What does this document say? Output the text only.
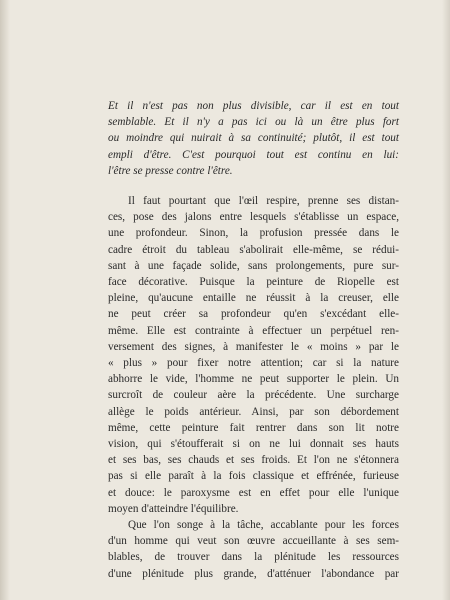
Et il n'est pas non plus divisible, car il est en tout
semblable. Et il n'y a pas ici ou là un être plus fort
ou moindre qui nuirait à sa continuité; plutôt, il est tout
empli d'être. C'est pourquoi tout est continu en lui:
l'être se presse contre l'être.

Il faut pourtant que l'œil respire, prenne ses distan-
ces, pose des jalons entre lesquels s'établisse un espace,
une profondeur. Sinon, la profusion pressée dans le
cadre étroit du tableau s'abolirait elle-même, se rédui-
sant à une façade solide, sans prolongements, pure sur-
face décorative. Puisque la peinture de Riopelle est
pleine, qu'aucune entaille ne réussit à la creuser, elle
ne peut créer sa profondeur qu'en s'excédant elle-
même. Elle est contrainte à effectuer un perpétuel ren-
versement des signes, à manifester le « moins » par le
« plus » pour fixer notre attention; car si la nature
abhorre le vide, l'homme ne peut supporter le plein. Un
surcroît de couleur aère la précédente. Une surcharge
allège le poids antérieur. Ainsi, par son débordement
même, cette peinture fait rentrer dans son lit notre
vision, qui s'étoufferait si on ne lui donnait ses hauts
et ses bas, ses chauds et ses froids. Et l'on ne s'étonnera
pas si elle paraît à la fois classique et effrénée, furieuse
et douce: le paroxysme est en effet pour elle l'unique
moyen d'atteindre l'équilibre.

Que l'on songe à la tâche, accablante pour les forces
d'un homme qui veut son œuvre accueillante à ses sem-
blables, de trouver dans la plénitude les ressources
d'une plénitude plus grande, d'atténuer l'abondance par
